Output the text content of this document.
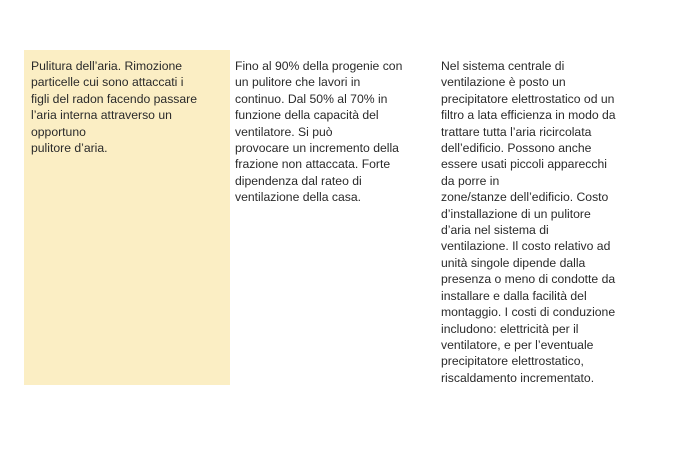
Pulitura dell’aria. Rimozione
particelle cui sono attaccati i
figli del radon facendo passare
l’aria interna attraverso un
opportuno
pulitore d’aria.
Fino al 90% della progenie con
un pulitore che lavori in
continuo. Dal 50% al 70% in
funzione della capacità del
ventilatore. Si può
provocare un incremento della
frazione non attaccata. Forte
dipendenza dal rateo di
ventilazione della casa.
Nel sistema centrale di
ventilazione è posto un
precipitatore elettrostatico od un
filtro a lata efficienza in modo da
trattare tutta l’aria ricircolata
dell’edificio. Possono anche
essere usati piccoli apparecchi
da porre in
zone/stanze dell’edificio. Costo
d’installazione di un pulitore
d’aria nel sistema di
ventilazione. Il costo relativo ad
unità singole dipende dalla
presenza o meno di condotte da
installare e dalla facilità del
montaggio. I costi di conduzione
includono: elettricità per il
ventilatore, e per l’eventuale
precipitatore elettrostatico,
riscaldamento incrementato.
